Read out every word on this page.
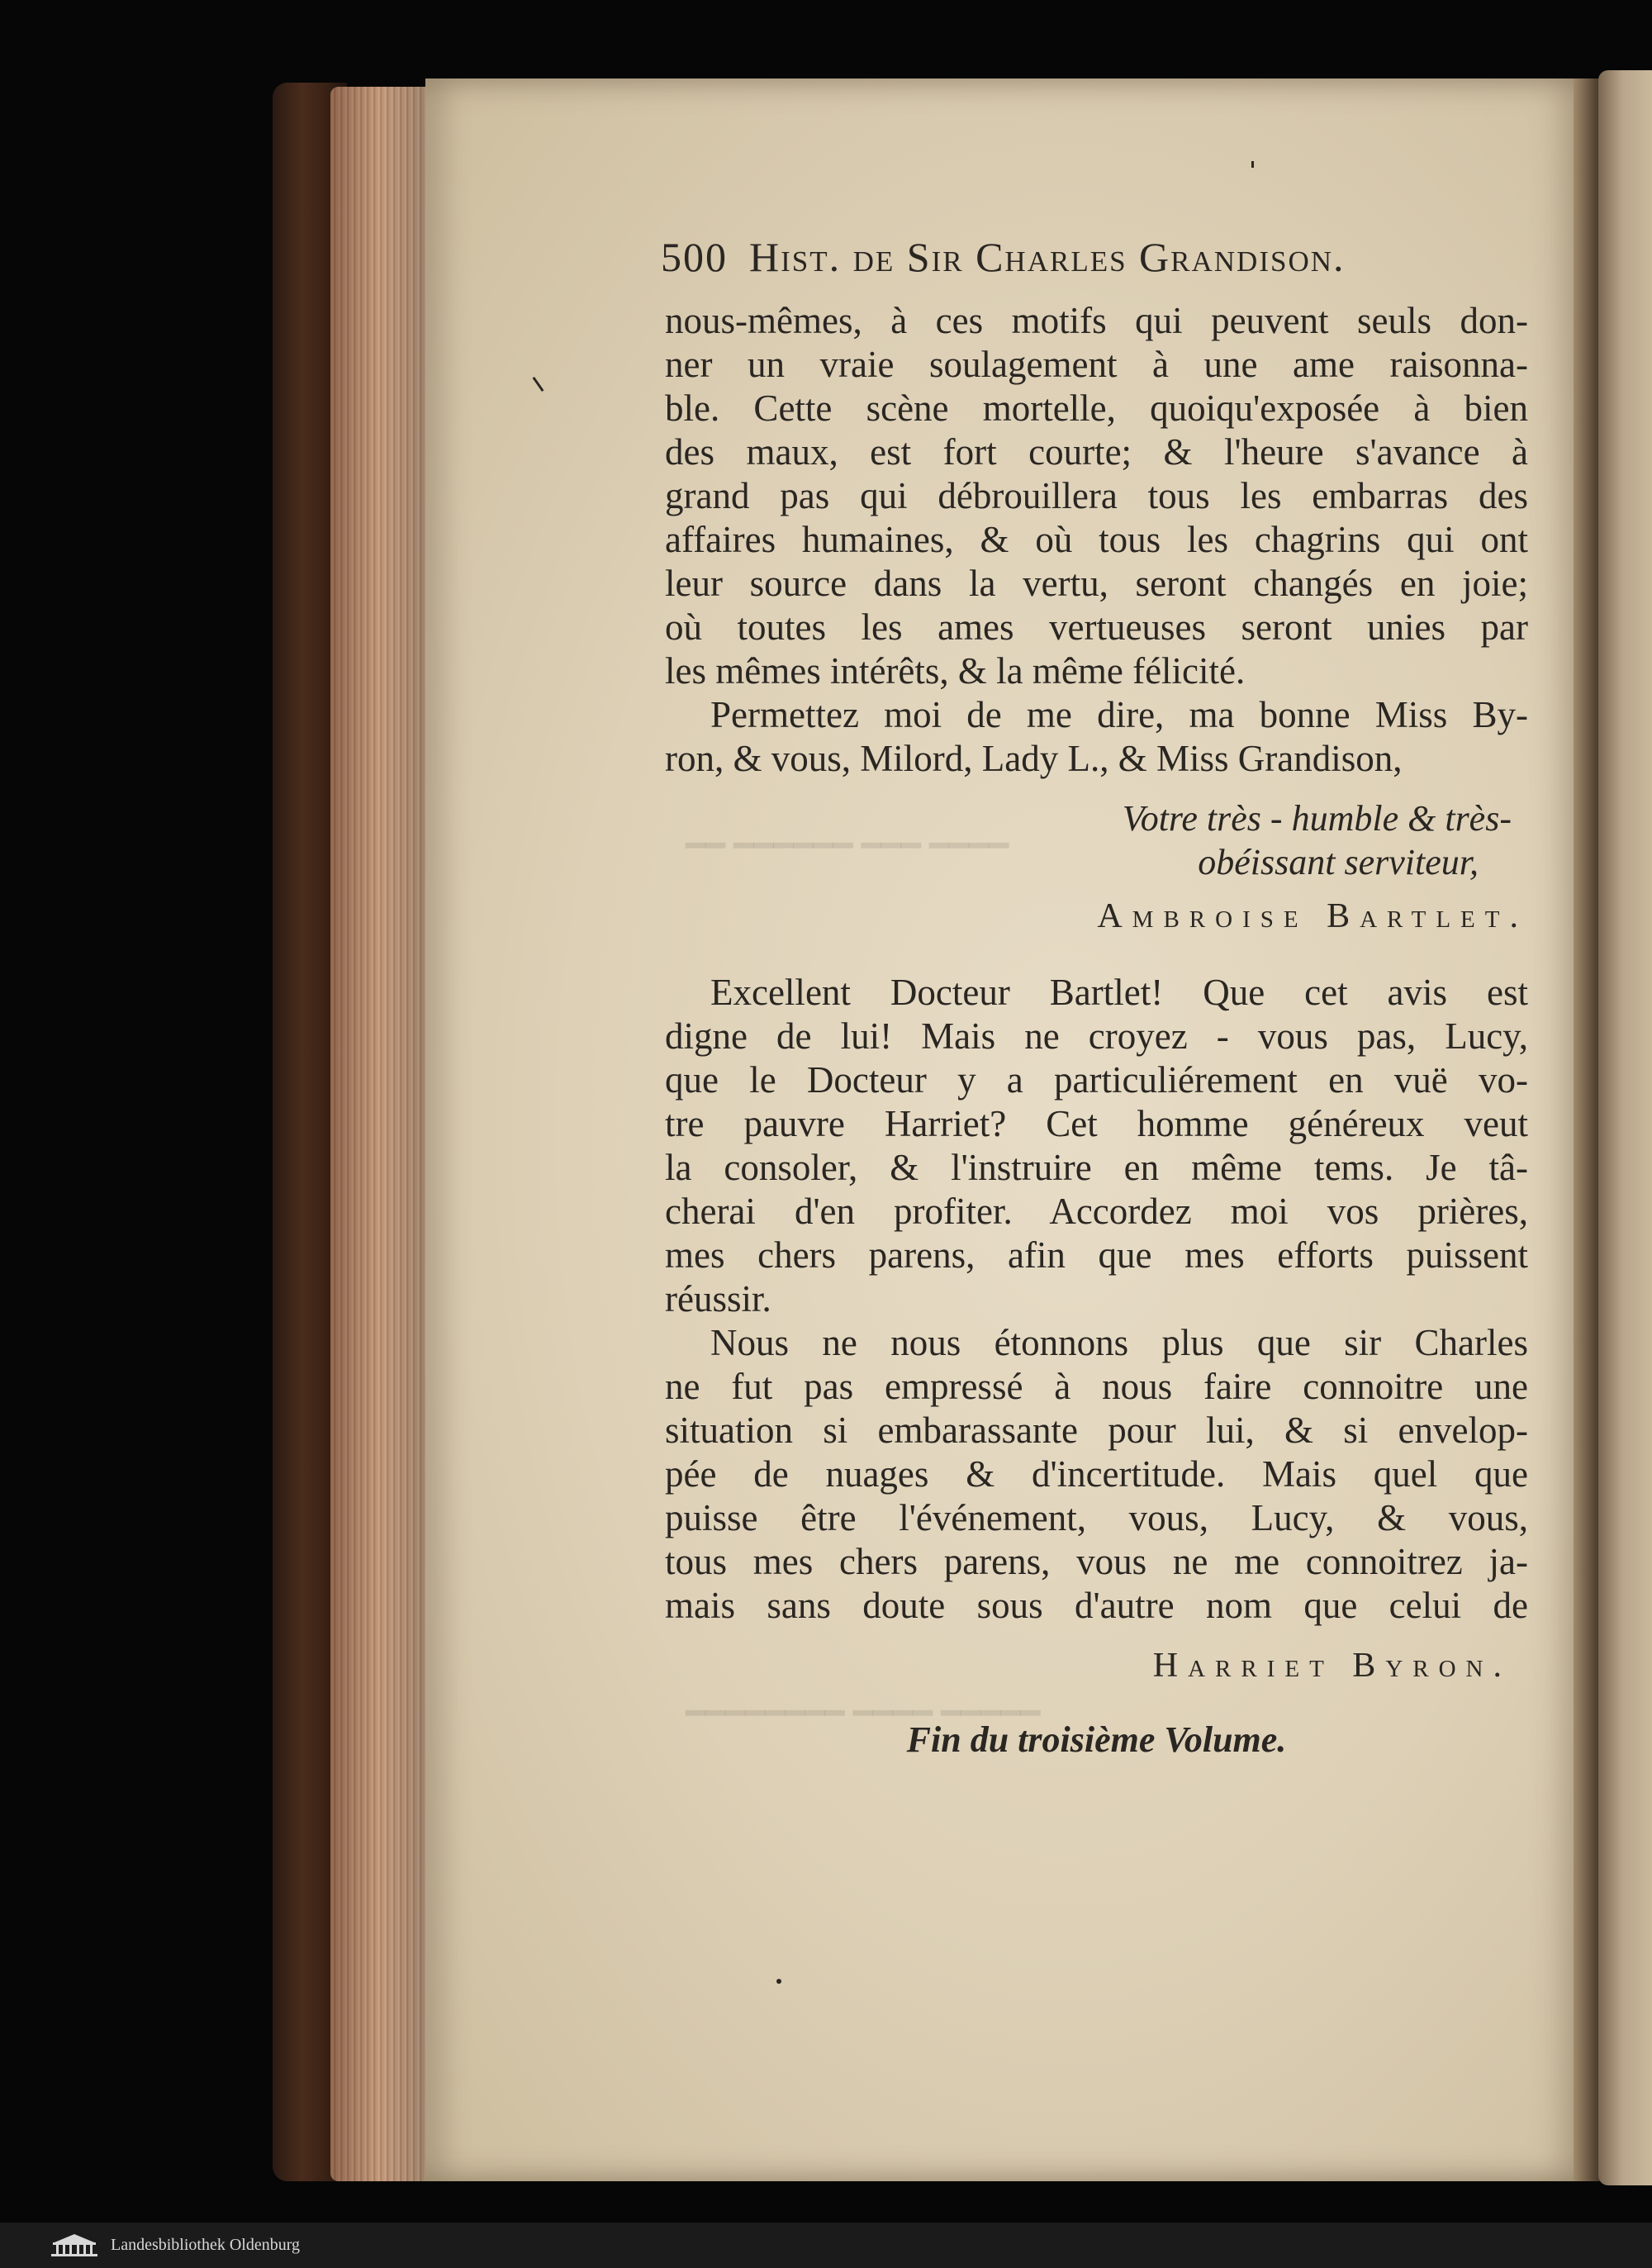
━━━━ ━━━ ━━━━━━ ━━
━━━━━ ━━━━ ━━━━━━━━
500 Hist. de Sir Charles Grandison.
nous-mêmes, à ces motifs qui peuvent seuls don-
ner un vraie soulagement à une ame raisonna-
ble. Cette scène mortelle, quoiqu'exposée à bien
des maux, est fort courte; & l'heure s'avance à
grand pas qui débrouillera tous les embarras des
affaires humaines, & où tous les chagrins qui ont
leur source dans la vertu, seront changés en joie;
où toutes les ames vertueuses seront unies par
les mêmes intérêts, & la même félicité.
Permettez moi de me dire, ma bonne Miss By-
ron, & vous, Milord, Lady L., & Miss Grandison,
Votre très - humble & très-
obéissant serviteur,
Ambroise Bartlet.
Excellent Docteur Bartlet! Que cet avis est
digne de lui! Mais ne croyez - vous pas, Lucy,
que le Docteur y a particuliérement en vuë vo-
tre pauvre Harriet? Cet homme généreux veut
la consoler, & l'instruire en même tems. Je tâ-
cherai d'en profiter. Accordez moi vos prières,
mes chers parens, afin que mes efforts puissent
réussir.
Nous ne nous étonnons plus que sir Charles
ne fut pas empressé à nous faire connoitre une
situation si embarassante pour lui, & si envelop-
pée de nuages & d'incertitude. Mais quel que
puisse être l'événement, vous, Lucy, & vous,
tous mes chers parens, vous ne me connoitrez ja-
mais sans doute sous d'autre nom que celui de
Harriet Byron.
Fin du troisième Volume.
Landesbibliothek Oldenburg
